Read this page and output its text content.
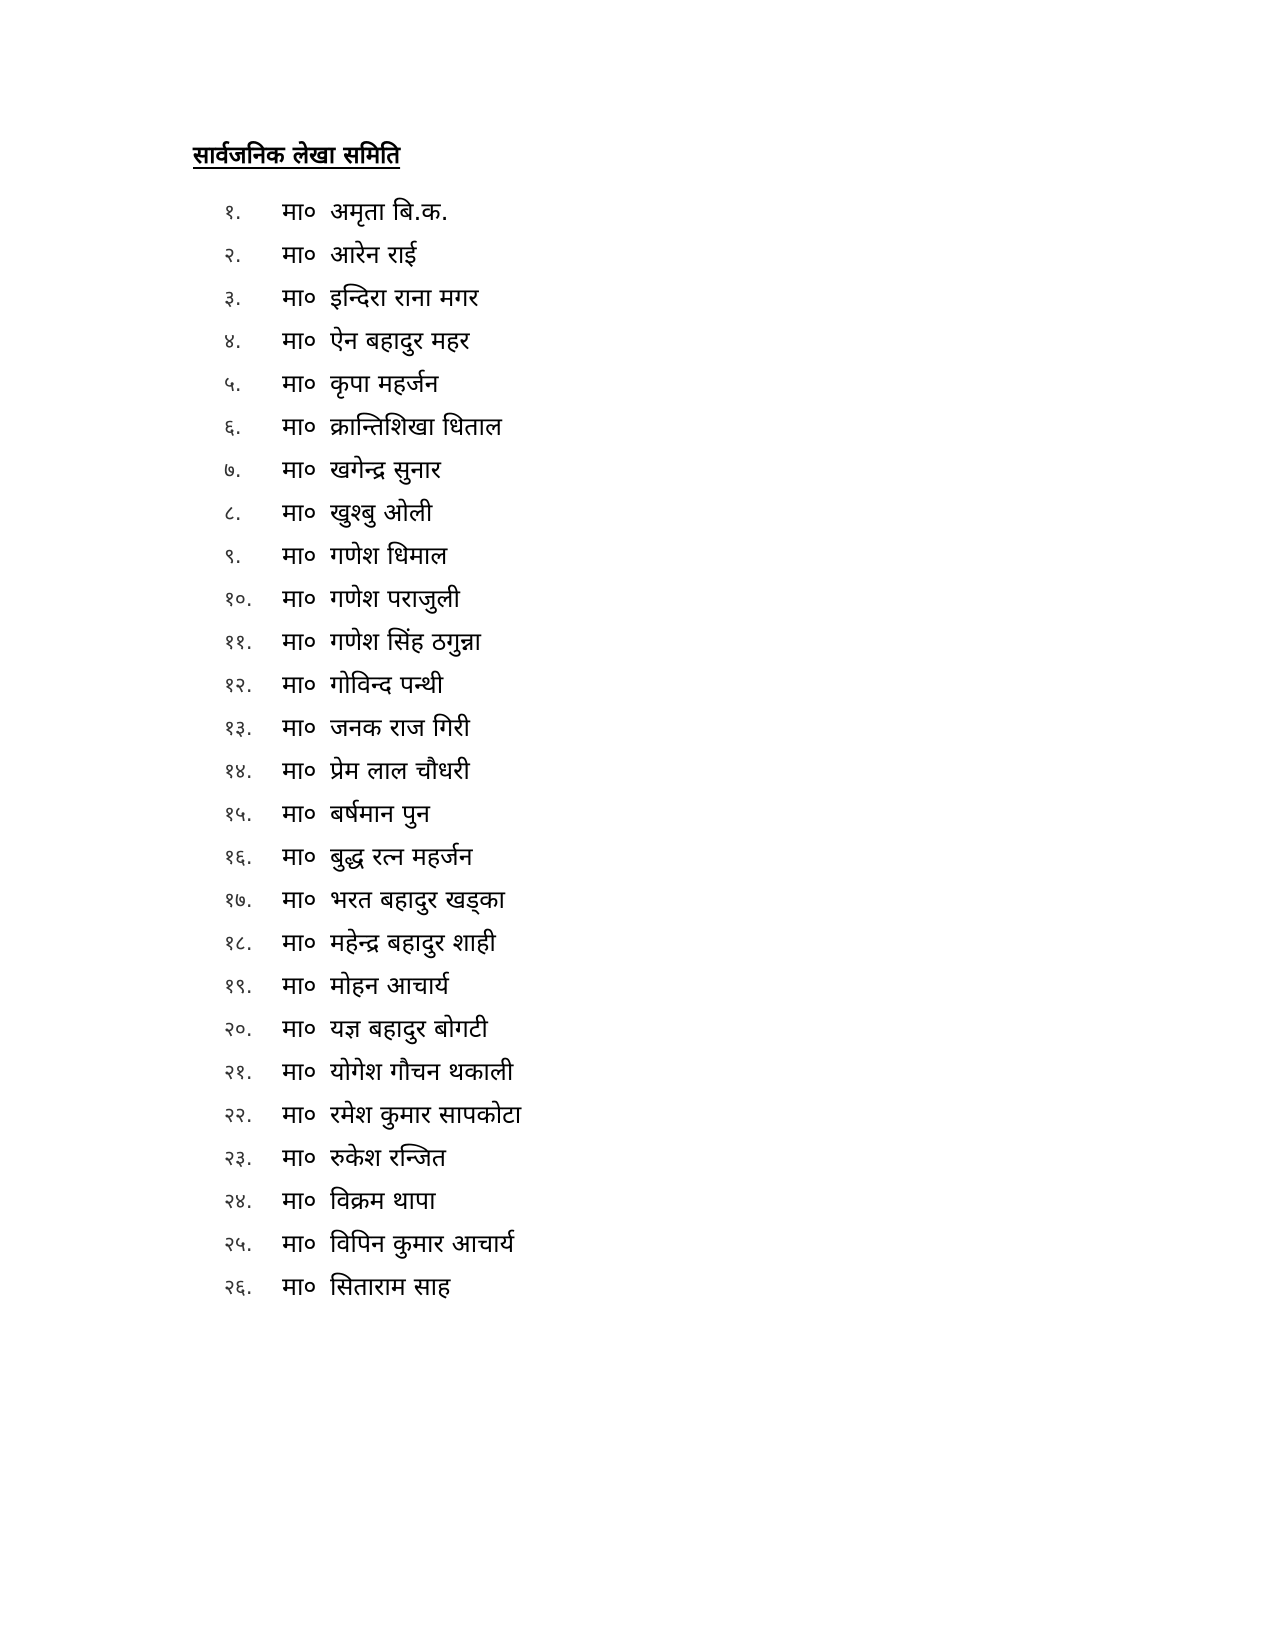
सार्वजनिक लेखा समिति
१. मा० अमृता बि.क.
२. मा० आरेन राई
३. मा० इन्दिरा राना मगर
४. मा० ऐन बहादुर महर
५. मा० कृपा महर्जन
६. मा० क्रान्तिशिखा धिताल
७. मा० खगेन्द्र सुनार
८. मा० खुश्बु ओली
९. मा० गणेश धिमाल
१०. मा० गणेश पराजुली
११. मा० गणेश सिंह ठगुन्ना
१२. मा० गोविन्द पन्थी
१३. मा० जनक राज गिरी
१४. मा० प्रेम लाल चौधरी
१५. मा० बर्षमान पुन
१६. मा० बुद्ध रत्न महर्जन
१७. मा० भरत बहादुर खड्का
१८. मा० महेन्द्र बहादुर शाही
१९. मा० मोहन आचार्य
२०. मा० यज्ञ बहादुर बोगटी
२१. मा० योगेश गौचन थकाली
२२. मा० रमेश कुमार सापकोटा
२३. मा० रुकेश रन्जित
२४. मा० विक्रम थापा
२५. मा० विपिन कुमार आचार्य
२६. मा० सिताराम साह
